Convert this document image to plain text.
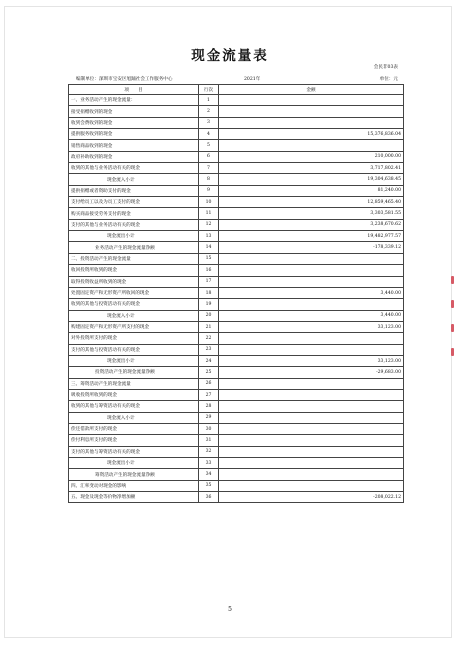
现金流量表
会民非03表
编制单位：深圳市宝安区旭踊社会工作服务中心	2021年	单位：元
项　　目	行次	金额
一、业务活动产生的现金流量：	1	
接受捐赠收到的现金	2	
收到会费收到的现金	3	
提供服务收到的现金	4	15,376,836.04
销售商品收到的现金	5	
政府补助收到的现金	6	210,000.00
收到的其他与业务活动有关的现金	7	3,717,802.41
现金流入小计	8	19,304,638.45
提供捐赠或者资助支付的现金	9	81,240.00
支付给员工以及为员工支付的现金	10	12,859,465.40
购买商品接受劳务支付的现金	11	3,303,581.55
支付的其他与业务活动有关的现金	12	3,238,670.62
现金流出小计	13	19,482,977.57
业务活动产生的现金流量净额	14	-178,339.12
二、投资活动产生的现金流量	15	
收回投资所收到的现金	16	
取得投资收益所收到的现金	17	
处置固定资产和无形资产所收回的现金	18	3,440.00
收到的其他与投资活动有关的现金	19	
现金流入小计	20	3,440.00
购建固定资产和无形资产所支付的现金	21	33,123.00
对外投资所支付的现金	22	
支付的其他与投资活动有关的现金	23	
现金流出小计	24	33,123.00
投资活动产生的现金流量净额	25	-29,683.00
三、筹资活动产生的现金流量	26	
吸收投资所收到的现金	27	
收到的其他与筹资活动有关的现金	28	
现金流入小计	29	
偿还借款所支付的现金	30	
偿付利息所支付的现金	31	
支付的其他与筹资活动有关的现金	32	
现金流出小计	33	
筹资活动产生的现金流量净额	34	
四、汇率变动对现金的影响	35	
五、现金及现金等价物净增加额	36	-208,022.12
5
